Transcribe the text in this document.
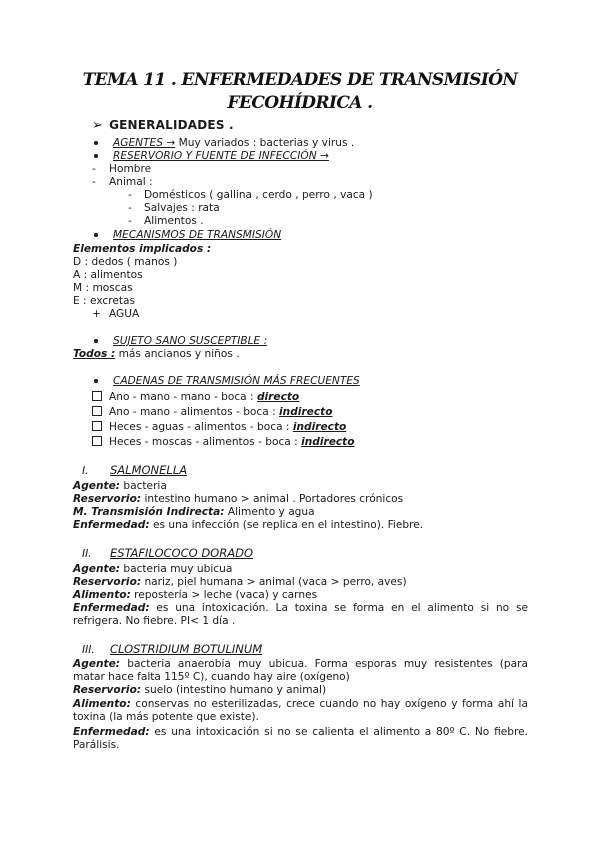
TEMA 11 . ENFERMEDADES DE TRANSMISIÓN
FECOHÍDRICA .
➢ GENERALIDADES .
AGENTES → Muy variados : bacterias y virus .
RESERVORIO Y FUENTE DE INFECCIÓN →
- Hombre
- Animal :
- Domésticos ( gallina , cerdo , perro , vaca )
- Salvajes : rata
- Alimentos .
MECANISMOS DE TRANSMISIÓN
Elementos implicados :
D : dedos ( manos )
A : alimentos
M : moscas
E : excretas
+ AGUA
SUJETO SANO SUSCEPTIBLE :
Todos : más ancianos y niños .
CADENAS DE TRANSMISIÓN MÁS FRECUENTES
Ano - mano - mano - boca : directo
Ano - mano - alimentos - boca : indirecto
Heces - aguas - alimentos - boca : indirecto
Heces - moscas - alimentos - boca : indirecto
I. SALMONELLA
Agente: bacteria
Reservorio: intestino humano > animal . Portadores crónicos
M. Transmisión Indirecta: Alimento y agua
Enfermedad: es una infección (se replica en el intestino). Fiebre.
II. ESTAFILOCOCO DORADO
Agente: bacteria muy ubicua
Reservorio: nariz, piel humana > animal (vaca > perro, aves)
Alimento: repostería > leche (vaca) y carnes
Enfermedad: es una intoxicación. La toxina se forma en el alimento si no se refrigera. No fiebre. PI< 1 día .
III. CLOSTRIDIUM BOTULINUM
Agente: bacteria anaerobia muy ubicua. Forma esporas muy resistentes (para matar hace falta 115º C), cuando hay aire (oxígeno)
Reservorio: suelo (intestino humano y animal)
Alimento: conservas no esterilizadas, crece cuando no hay oxígeno y forma ahí la toxina (la más potente que existe).
Enfermedad: es una intoxicación si no se calienta el alimento a 80º C. No fiebre. Parálisis.
